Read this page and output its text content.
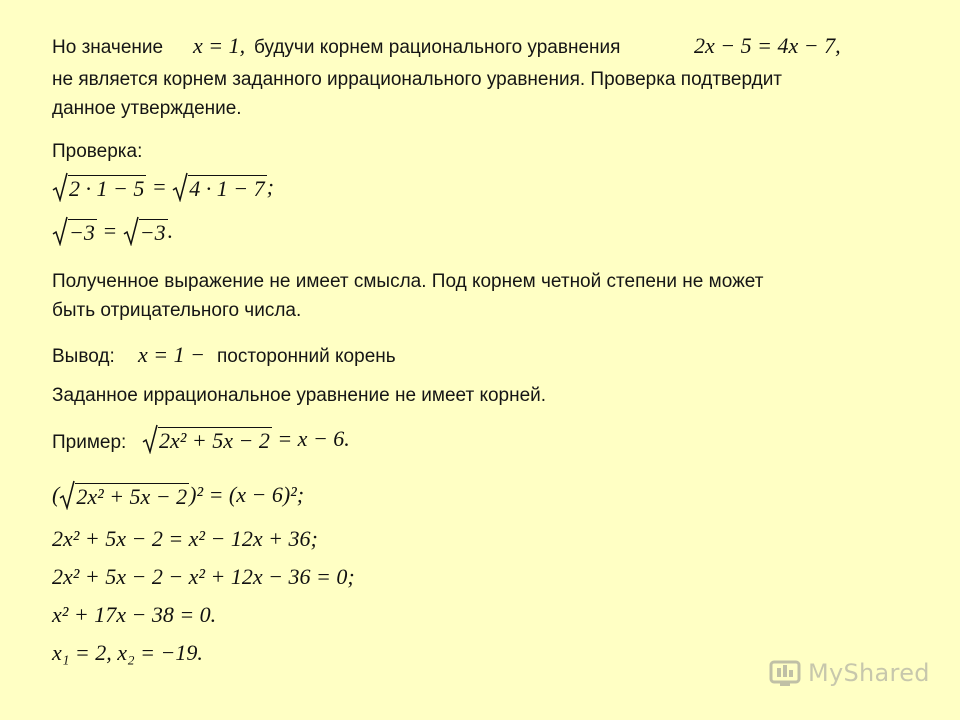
Но значение x = 1, будучи корнем рационального уравнения	2x − 5 = 4x − 7,
не является корнем заданного иррационального уравнения. Проверка подтвердит
данное утверждение.
Проверка:
2 · 1 − 5 = 4 · 1 − 7 ;
−3 = −3 .
Полученное выражение не имеет смысла. Под корнем четной степени не может
быть отрицательного числа.
Вывод: x = 1 − посторонний корень
Заданное иррациональное уравнение не имеет корней.
Пример: 2x² + 5x − 2 = x − 6.
( 2x² + 5x − 2 )² = (x − 6)²;
2x² + 5x − 2 = x² − 12x + 36;
2x² + 5x − 2 − x² + 12x − 36 = 0;
x² + 17x − 38 = 0.
x₁ = 2, x₂ = −19.
MyShared
